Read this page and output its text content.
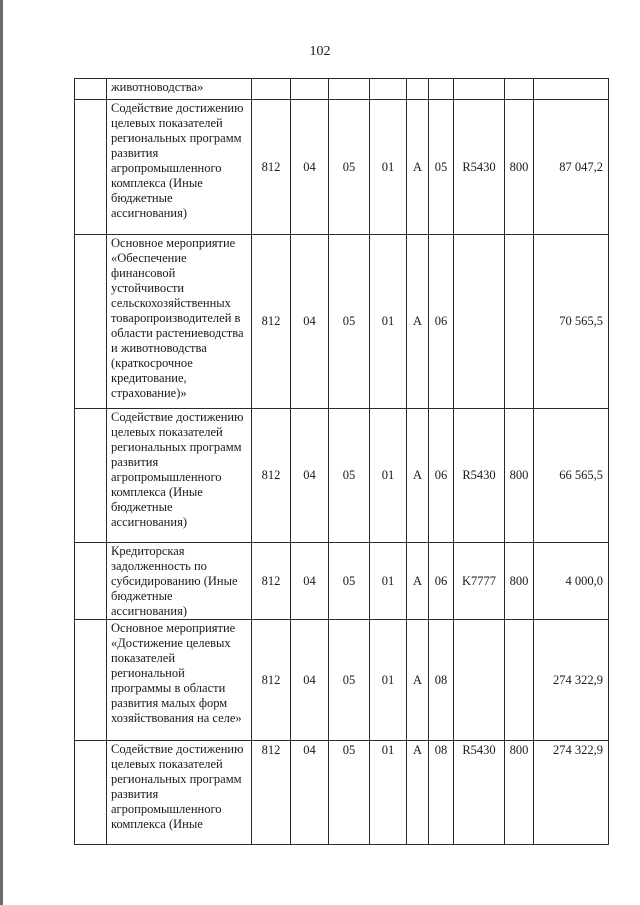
102
	животноводства»									
	Содействие достижению целевых показателей региональных программ развития агропромышленного комплекса (Иные бюджетные ассигнования)	812	04	05	01	А	05	R5430	800	87 047,2
	Основное мероприятие «Обеспечение финансовой устойчивости сельскохозяйственных товаропроизводителей в области растениеводства и животноводства (краткосрочное кредитование, страхование)»	812	04	05	01	А	06			70 565,5
	Содействие достижению целевых показателей региональных программ развития агропромышленного комплекса (Иные бюджетные ассигнования)	812	04	05	01	А	06	R5430	800	66 565,5
	Кредиторская задолженность по субсидированию (Иные бюджетные ассигнования)	812	04	05	01	А	06	K7777	800	4 000,0
	Основное мероприятие «Достижение целевых показателей региональной программы в области развития малых форм хозяйствования на селе»	812	04	05	01	А	08			274 322,9
	Содействие достижению целевых показателей региональных программ развития агропромышленного комплекса (Иные	812	04	05	01	А	08	R5430	800	274 322,9
